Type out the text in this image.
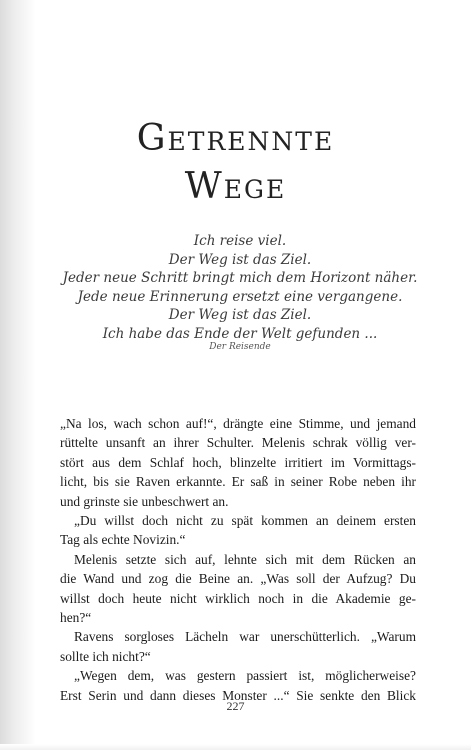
Getrennte
Wege
Ich reise viel.
Der Weg ist das Ziel.
Jeder neue Schritt bringt mich dem Horizont näher.
Jede neue Erinnerung ersetzt eine vergangene.
Der Weg ist das Ziel.
Ich habe das Ende der Welt gefunden ...
Der Reisende
„Na los, wach schon auf!“, drängte eine Stimme, und jemand
rüttelte unsanft an ihrer Schulter. Melenis schrak völlig ver-
stört aus dem Schlaf hoch, blinzelte irritiert im Vormittags-
licht, bis sie Raven erkannte. Er saß in seiner Robe neben ihr
und grinste sie unbeschwert an.
„Du willst doch nicht zu spät kommen an deinem ersten
Tag als echte Novizin.“
Melenis setzte sich auf, lehnte sich mit dem Rücken an
die Wand und zog die Beine an. „Was soll der Aufzug? Du
willst doch heute nicht wirklich noch in die Akademie ge-
hen?“
Ravens sorgloses Lächeln war unerschütterlich. „Warum
sollte ich nicht?“
„Wegen dem, was gestern passiert ist, möglicherweise?
Erst Serin und dann dieses Monster ...“ Sie senkte den Blick
227
